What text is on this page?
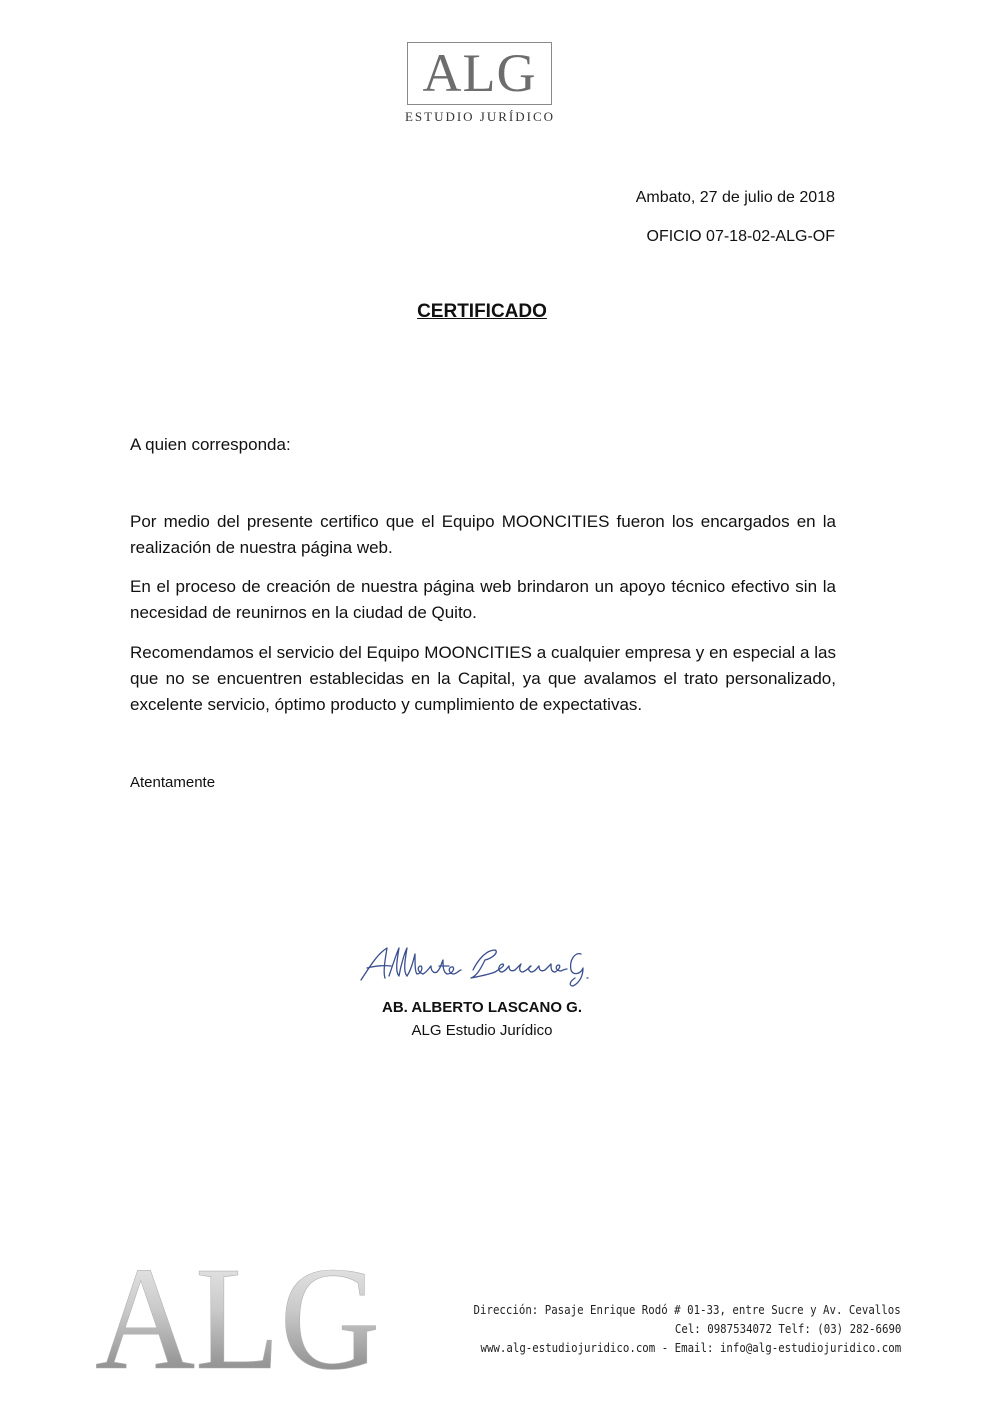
ALG
ESTUDIO JURÍDICO
Ambato, 27 de julio de 2018
OFICIO 07-18-02-ALG-OF
CERTIFICADO
A quien corresponda:

Por medio del presente certifico que el Equipo MOONCITIES fueron los encargados en la realización de nuestra página web.

En el proceso de creación de nuestra página web brindaron un apoyo técnico efectivo sin la necesidad de reunirnos en la ciudad de Quito.

Recomendamos el servicio del Equipo MOONCITIES a cualquier empresa y en especial a las que no se encuentren establecidas en la Capital, ya que avalamos el trato personalizado, excelente servicio, óptimo producto y cumplimiento de expectativas.

Atentamente
AB. ALBERTO LASCANO G.
ALG Estudio Jurídico
ALG	Dirección: Pasaje Enrique Rodó # 01-33, entre Sucre y Av. Cevallos
Cel: 0987534072 Telf: (03) 282-6690
www.alg-estudiojuridico.com - Email: info@alg-estudiojuridico.com
